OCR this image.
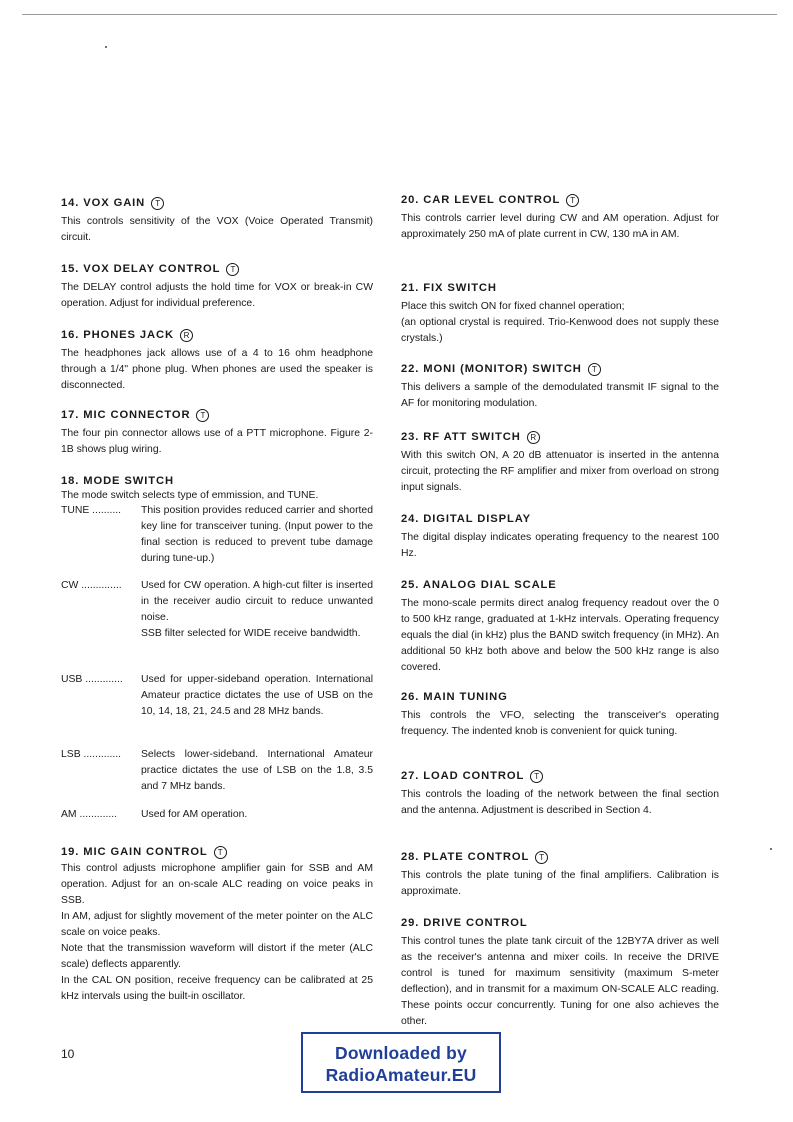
14. VOX GAIN T

This controls sensitivity of the VOX (Voice Operated Transmit) circuit.

15. VOX DELAY CONTROL T

The DELAY control adjusts the hold time for VOX or break-in CW operation. Adjust for individual preference.

16. PHONES JACK R

The headphones jack allows use of a 4 to 16 ohm headphone through a 1/4" phone plug. When phones are used the speaker is disconnected.

17. MIC CONNECTOR T

The four pin connector allows use of a PTT microphone. Figure 2-1B shows plug wiring.

18. MODE SWITCH

The mode switch selects type of emmission, and TUNE.

TUNE .......... This position provides reduced carrier and shorted key line for transceiver tuning. (Input power to the final section is reduced to prevent tube damage during tune-up.)
CW .............. Used for CW operation. A high-cut filter is inserted in the receiver audio circuit to reduce unwanted noise.
SSB filter selected for WIDE receive bandwidth.
USB ............. Used for upper-sideband operation. International Amateur practice dictates the use of USB on the 10, 14, 18, 21, 24.5 and 28 MHz bands.
LSB ............. Selects lower-sideband. International Amateur practice dictates the use of LSB on the 1.8, 3.5 and 7 MHz bands.
AM ............. Used for AM operation.
19. MIC GAIN CONTROL T

This control adjusts microphone amplifier gain for SSB and AM operation. Adjust for an on-scale ALC reading on voice peaks in SSB.

In AM, adjust for slightly movement of the meter pointer on the ALC scale on voice peaks.

Note that the transmission waveform will distort if the meter (ALC scale) deflects apparently.

In the CAL ON position, receive frequency can be calibrated at 25 kHz intervals using the built-in oscillator.

20. CAR LEVEL CONTROL T

This controls carrier level during CW and AM operation. Adjust for approximately 250 mA of plate current in CW, 130 mA in AM.

21. FIX SWITCH

Place this switch ON for fixed channel operation;

(an optional crystal is required. Trio-Kenwood does not supply these crystals.)

22. MONI (MONITOR) SWITCH T

This delivers a sample of the demodulated transmit IF signal to the AF for monitoring modulation.

23. RF ATT SWITCH R

With this switch ON, A 20 dB attenuator is inserted in the antenna circuit, protecting the RF amplifier and mixer from overload on strong input signals.

24. DIGITAL DISPLAY

The digital display indicates operating frequency to the nearest 100 Hz.

25. ANALOG DIAL SCALE

The mono-scale permits direct analog frequency readout over the 0 to 500 kHz range, graduated at 1-kHz intervals. Operating frequency equals the dial (in kHz) plus the BAND switch frequency (in MHz). An additional 50 kHz both above and below the 500 kHz range is also covered.

26. MAIN TUNING

This controls the VFO, selecting the transceiver's operating frequency. The indented knob is convenient for quick tuning.

27. LOAD CONTROL T

This controls the loading of the network between the final section and the antenna. Adjustment is described in Section 4.

28. PLATE CONTROL T

This controls the plate tuning of the final amplifiers. Calibration is approximate.

29. DRIVE CONTROL

This control tunes the plate tank circuit of the 12BY7A driver as well as the receiver's antenna and mixer coils. In receive the DRIVE control is tuned for maximum sensitivity (maximum S-meter deflection), and in transmit for a maximum ON-SCALE ALC reading. These points occur concurrently. Tuning for one also achieves the other.

10	Downloaded by
RadioAmateur.EU
